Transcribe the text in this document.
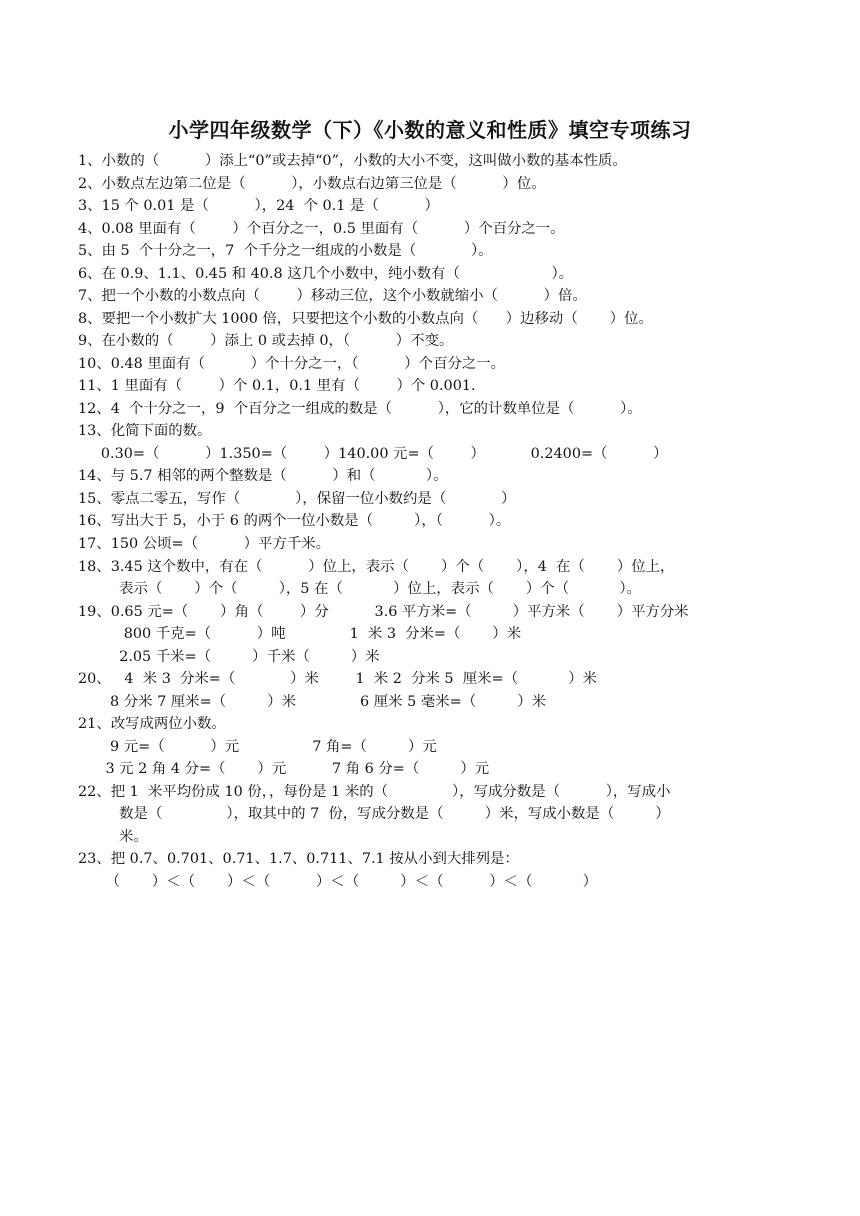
小学四年级数学（下）《小数的意义和性质》填空专项练习
1、小数的（          ）添上“0”或去掉“0”，小数的大小不变，这叫做小数的基本性质。
2、小数点左边第二位是（          ），小数点右边第三位是（          ）位。
3、15 个 0.01 是（          ），24  个 0.1 是（          ）
4、0.08 里面有（        ）个百分之一，0.5 里面有（          ）个百分之一。
5、由 5  个十分之一，7  个千分之一组成的小数是（            ）。
6、在 0.9、1.1、0.45 和 40.8 这几个小数中，纯小数有（                    ）。
7、把一个小数的小数点向（        ）移动三位，这个小数就缩小（          ）倍。
8、要把一个小数扩大 1000 倍，只要把这个小数的小数点向（      ）边移动（       ）位。
9、在小数的（        ）添上 0 或去掉 0，（          ）不变。
10、0.48 里面有（          ）个十分之一，（          ）个百分之一。
11、1 里面有（        ）个 0.1，0.1 里有（        ）个 0.001.
12、4  个十分之一，9  个百分之一组成的数是（          ），它的计数单位是（          ）。
13、化简下面的数。
0.30=（          ）1.350=（        ）140.00 元=（        ）          0.2400=（          ）
14、与 5.7 相邻的两个整数是（          ）和（           ）。
15、零点二零五，写作（            ），保留一位小数约是（            ）
16、写出大于 5，小于 6 的两个一位小数是（         ），（          ）。
17、150 公顷=（          ）平方千米。
18、3.45 这个数中，有在（          ）位上，表示（       ）个（       ），4  在（       ）位上，
表示（       ）个（         ），5 在（           ）位上，表示（       ）个（           ）。
19、0.65 元=（       ）角（        ）分          3.6 平方米=（         ）平方米（       ）平方分米
800 千克=（          ）吨              1  米 3  分米=（       ）米
2.05 千米=（         ）千米（         ）米
20、   4  米 3  分米=（            ）米        1  米 2  分米 5  厘米=（           ）米
8 分米 7 厘米=（         ）米              6 厘米 5 毫米=（         ）米
21、改写成两位小数。
9 元=（          ）元                7 角=（         ）元
3 元 2 角 4 分=（       ）元          7 角 6 分=（         ）元
22、把 1  米平均份成 10 份，，每份是 1 米的（              ），写成分数是（          ），写成小
数是（              ），取其中的 7  份，写成分数是（         ）米，写成小数是（         ）
米。
23、把 0.7、0.701、0.71、1.7、0.711、7.1 按从小到大排列是：
（       ）＜（       ）＜（          ）＜（         ）＜（          ）＜（           ）
